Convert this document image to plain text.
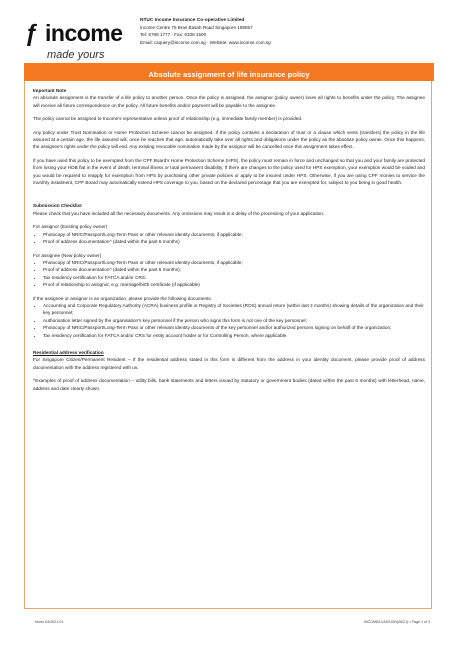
ƒ income
made yours
NTUC Income Insurance Co-operative Limited
Income Centre 75 Bras Basah Road Singapore 189557
Tel: 6788 1777 · Fax: 6338 1500
Email: csquery@income.com.sg · Website: www.income.com.sg
Absolute assignment of life insurance policy
Important Note

An absolute assignment is the transfer of a life policy to another person. Once the policy is assigned, the assignor (policy owner) loses all rights to benefits under the policy. The assignee will receive all future correspondence on the policy. All future benefits and/or payment will be payable to the assignee.

The policy cannot be assigned to Income's representative unless proof of relationship (e.g. immediate family member) is provided.

Any policy under Trust Nomination or Home Protection Scheme cannot be assigned. If the policy contains a declaration of trust or a clause which vests (transfers) the policy in the life assured at a certain age, the life assured will, once he reaches that age, automatically take over all rights and obligations under the policy as the absolute policy owner. Once this happens, the assignee's rights under the policy will end. Any existing revocable nomination made by the assignor will be cancelled once this assignment takes effect.

If you have used this policy to be exempted from the CPF Board's Home Protection Scheme (HPS), the policy must remain in force and unchanged so that you and your family are protected from losing your HDB flat in the event of death, terminal illness or total permanent disability. If there are changes to the policy used for HPS exemption, your exemption would be voided and you would be required to reapply for exemption from HPS by purchasing other private policies or apply to be insured under HPS. Otherwise, if you are using CPF monies to service the monthly instalment, CPF Board may automatically extend HPS coverage to you, based on the declared percentage that you are exempted for, subject to you being in good health.

Submission Checklist

Please check that you have included all the necessary documents. Any omissions may result in a delay of the processing of your application.

For assignor (Existing policy owner)
• Photocopy of NRIC/Passport/Long-Term Pass or other relevant identity documents, if applicable;
• Proof of address documentation^ (dated within the past 6 months)
For assignee (New policy owner)
• Photocopy of NRIC/Passport/Long-Term Pass or other relevant identity documents, if applicable;
• Proof of address documentation^ (dated within the past 6 months);
• Tax residency certification for FATCA and/or CRS.
• Proof of relationship to assignor, e.g. marriage/birth certificate (if applicable)
If the assignee or assignor is an organization, please provide the following documents.
• Accounting and Corporate Regulatory Authority (ACRA) business profile or Registry of Societies (ROS) annual return (within last 3 months) showing details of the organization and their key personnel;
• Authorisation letter signed by the organisation's key personnel if the person who signs this form is not one of the key personnel;
• Photocopy of NRIC/Passport/Long-Term Pass or other relevant identity documents of the key personnel and/or authorized persons signing on behalf of the organization;
• Tax residency certification for FATCA and/or CRS for entity account holder or for Controlling Person, where applicable.
Residential address verification

For Singapore Citizen/Permanent Resident – If the residential address stated in this form is different from the address in your identity document, please provide proof of address documentation with the address registered with us.

^Examples of proof of address documentation – utility bills, bank statements and letters issued by statutory or government bodies (dated within the past 6 months) with letterhead, name, address and date clearly shown.

eform 04/2021-01	INCOME/LI/ASSIGN(06/21) • Page 1 of 3
